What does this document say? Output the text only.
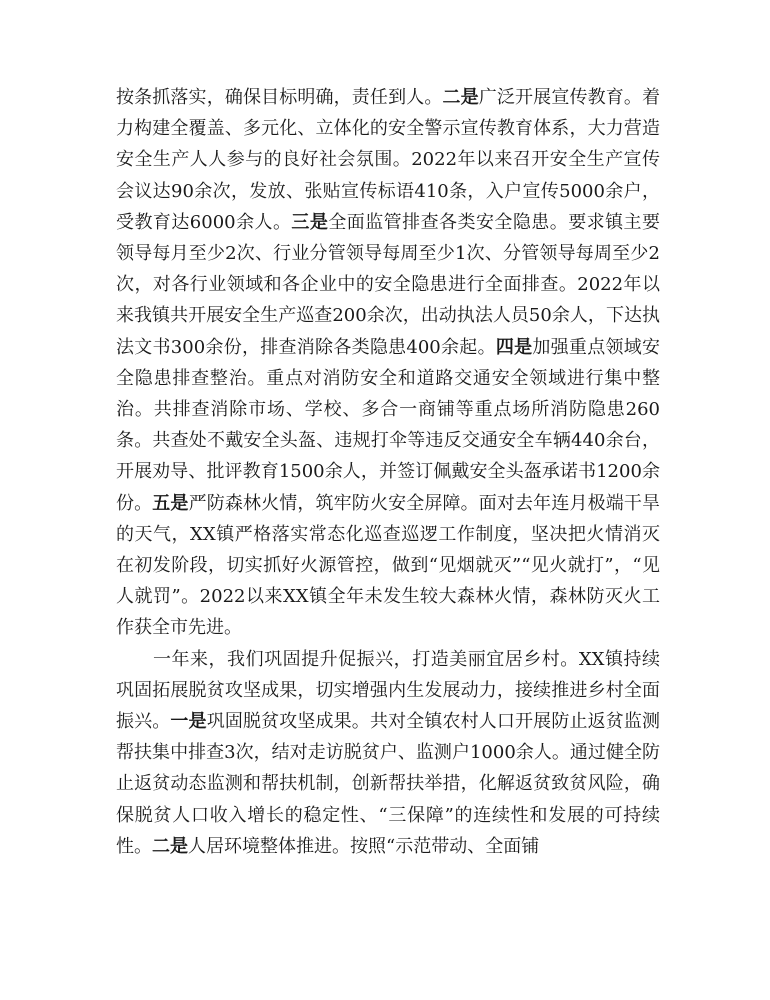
按条抓落实，确保目标明确，责任到人。二是广泛开展宣传教育。着力构建全覆盖、多元化、立体化的安全警示宣传教育体系，大力营造安全生产人人参与的良好社会氛围。2022年以来召开安全生产宣传会议达90余次，发放、张贴宣传标语410条，入户宣传5000余户，受教育达6000余人。三是全面监管排查各类安全隐患。要求镇主要领导每月至少2次、行业分管领导每周至少1次、分管领导每周至少2次，对各行业领域和各企业中的安全隐患进行全面排查。2022年以来我镇共开展安全生产巡查200余次，出动执法人员50余人，下达执法文书300余份，排查消除各类隐患400余起。四是加强重点领域安全隐患排查整治。重点对消防安全和道路交通安全领域进行集中整治。共排查消除市场、学校、多合一商铺等重点场所消防隐患260条。共查处不戴安全头盔、违规打伞等违反交通安全车辆440余台，开展劝导、批评教育1500余人，并签订佩戴安全头盔承诺书1200余份。五是严防森林火情，筑牢防火安全屏障。面对去年连月极端干旱的天气，XX镇严格落实常态化巡查巡逻工作制度，坚决把火情消灭在初发阶段，切实抓好火源管控，做到“见烟就灭”“见火就打”，“见人就罚”。2022以来XX镇全年未发生较大森林火情，森林防灭火工作获全市先进。

一年来，我们巩固提升促振兴，打造美丽宜居乡村。XX镇持续巩固拓展脱贫攻坚成果，切实增强内生发展动力，接续推进乡村全面振兴。一是巩固脱贫攻坚成果。共对全镇农村人口开展防止返贫监测帮扶集中排查3次，结对走访脱贫户、监测户1000余人。通过健全防止返贫动态监测和帮扶机制，创新帮扶举措，化解返贫致贫风险，确保脱贫人口收入增长的稳定性、“三保障”的连续性和发展的可持续性。二是人居环境整体推进。按照“示范带动、全面铺
